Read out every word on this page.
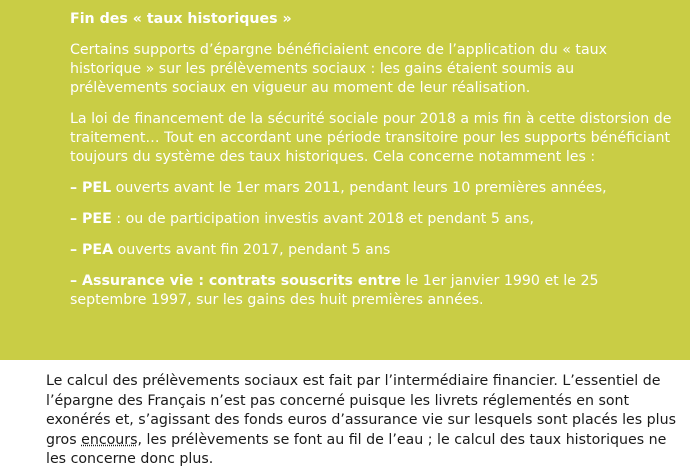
Fin des « taux historiques »

Certains supports d’épargne bénéficiaient encore de l’application du « taux historique » sur les prélèvements sociaux : les gains étaient soumis au prélèvements sociaux en vigueur au moment de leur réalisation.

La loi de financement de la sécurité sociale pour 2018 a mis fin à cette distorsion de traitement… Tout en accordant une période transitoire pour les supports bénéficiant toujours du système des taux historiques. Cela concerne notamment les :

– PEL ouverts avant le 1er mars 2011, pendant leurs 10 premières années,

– PEE : ou de participation investis avant 2018 et pendant 5 ans,

– PEA ouverts avant fin 2017, pendant 5 ans

– Assurance vie : contrats souscrits entre le 1er janvier 1990 et le 25 septembre 1997, sur les gains des huit premières années.

Le calcul des prélèvements sociaux est fait par l’intermédiaire financier. L’essentiel de l’épargne des Français n’est pas concerné puisque les livrets réglementés en sont exonérés et, s’agissant des fonds euros d’assurance vie sur lesquels sont placés les plus gros encours, les prélèvements se font au fil de l’eau ; le calcul des taux historiques ne les concerne donc plus.
